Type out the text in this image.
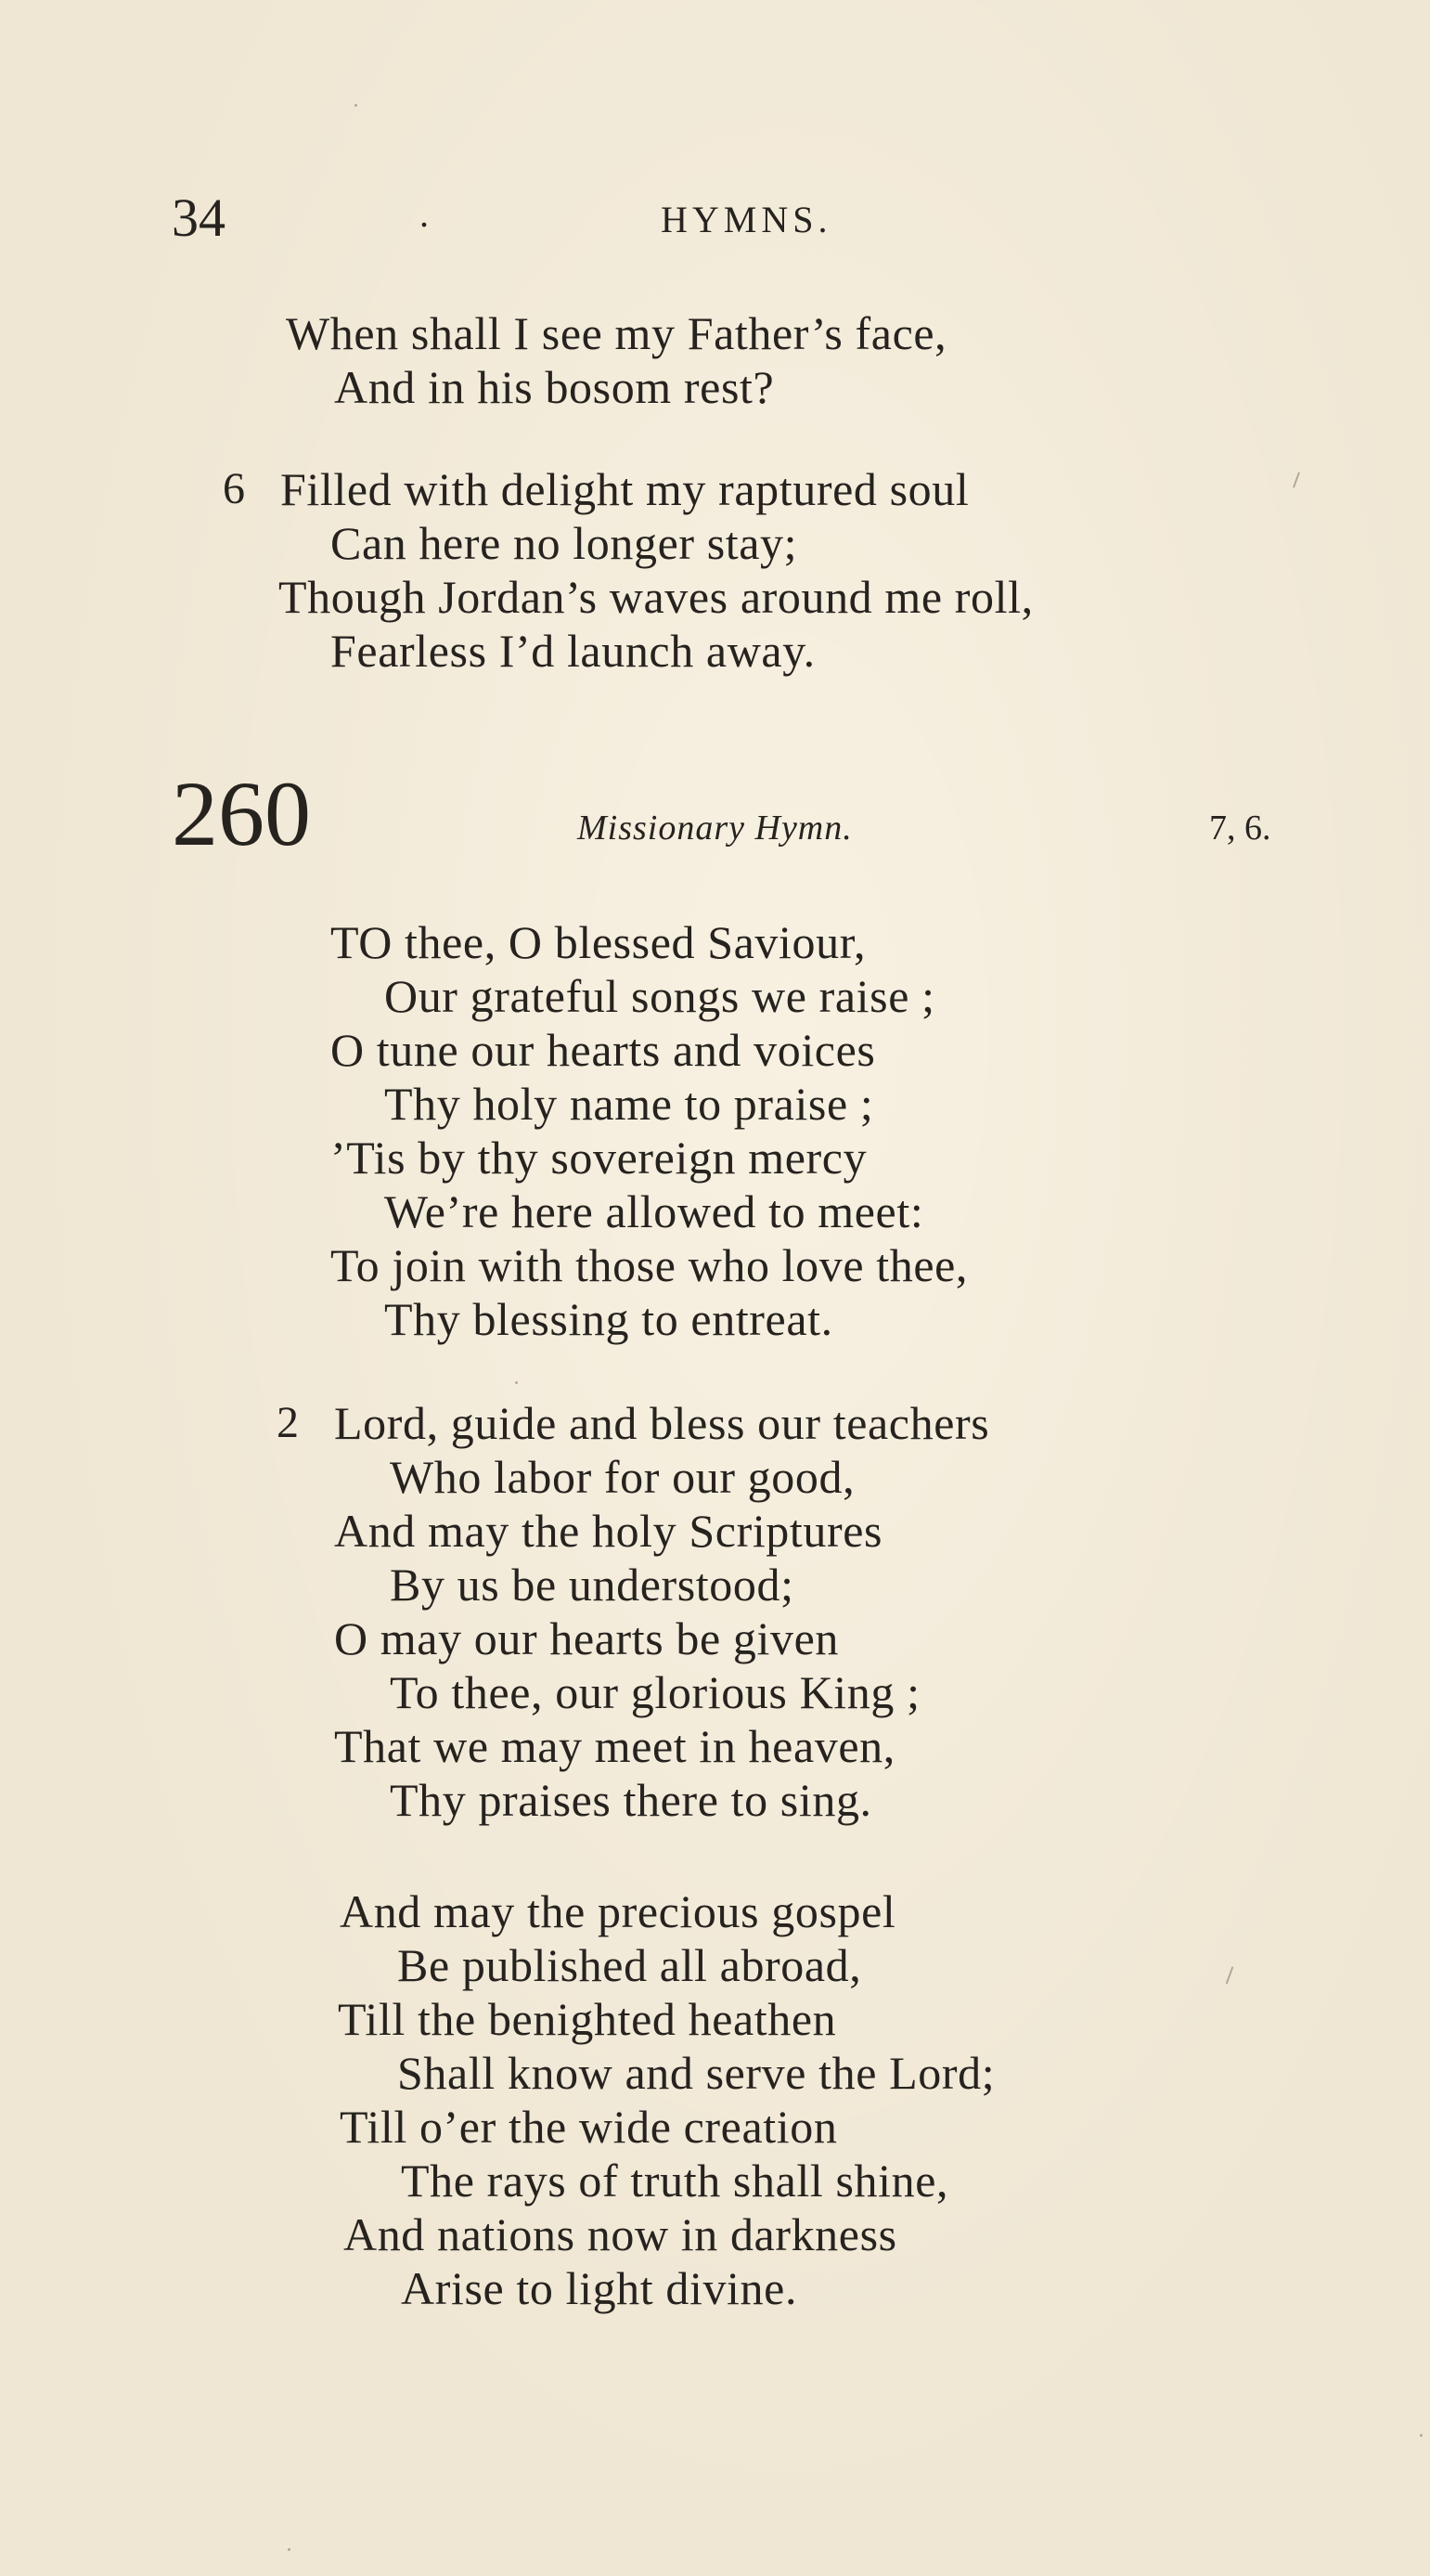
34	.	HYMNS.
When shall I see my Father’s face,
And in his bosom rest?
6 Filled with delight my raptured soul
Can here no longer stay;
Though Jordan’s waves around me roll,
Fearless I’d launch away.
260	Missionary Hymn.	7, 6.
TO thee, O blessed Saviour,
Our grateful songs we raise ;
O tune our hearts and voices
Thy holy name to praise ;
’Tis by thy sovereign mercy
We’re here allowed to meet:
To join with those who love thee,
Thy blessing to entreat.
2 Lord, guide and bless our teachers
Who labor for our good,
And may the holy Scriptures
By us be understood;
O may our hearts be given
To thee, our glorious King ;
That we may meet in heaven,
Thy praises there to sing.
And may the precious gospel
Be published all abroad,
Till the benighted heathen
Shall know and serve the Lord;
Till o’er the wide creation
The rays of truth shall shine,
And nations now in darkness
Arise to light divine.
